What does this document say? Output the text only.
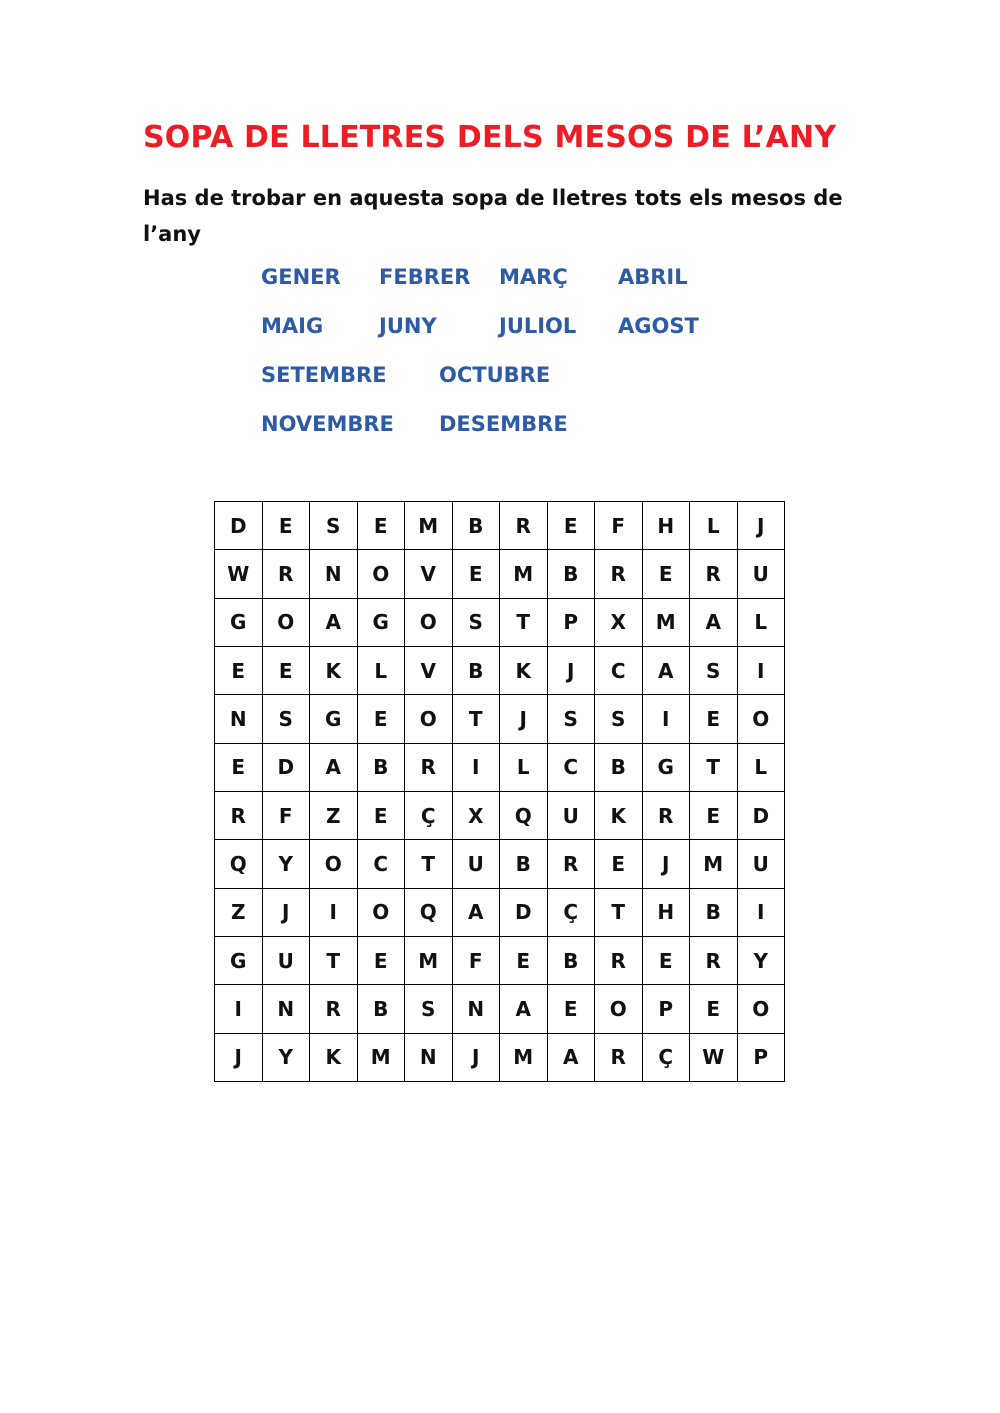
SOPA DE LLETRES DELS MESOS DE L’ANY

Has de trobar en aquesta sopa de lletres tots els mesos de l’any

GENER FEBRER MARÇ ABRIL
MAIG	JUNY	JULIOL AGOST
SETEMBRE OCTUBRE
NOVEMBRE DESEMBRE
D	E	S	E	M	B	R	E	F	H	L	J
W	R	N	O	V	E	M	B	R	E	R	U
G	O	A	G	O	S	T	P	X	M	A	L
E	E	K	L	V	B	K	J	C	A	S	I
N	S	G	E	O	T	J	S	S	I	E	O
E	D	A	B	R	I	L	C	B	G	T	L
R	F	Z	E	Ç	X	Q	U	K	R	E	D
Q	Y	O	C	T	U	B	R	E	J	M	U
Z	J	I	O	Q	A	D	Ç	T	H	B	I
G	U	T	E	M	F	E	B	R	E	R	Y
I	N	R	B	S	N	A	E	O	P	E	O
J	Y	K	M	N	J	M	A	R	Ç	W	P
